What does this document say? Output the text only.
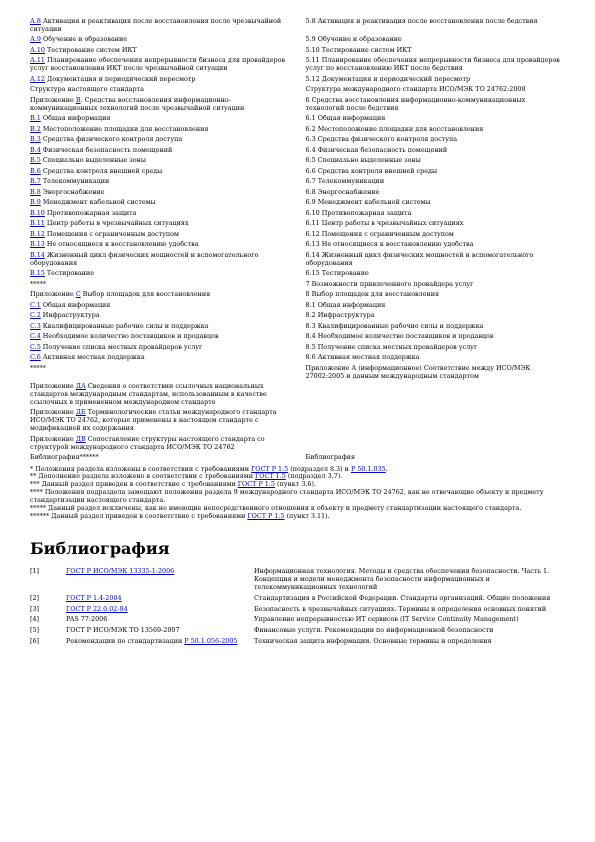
А.8 Активация и реактивация после восстановления после чрезвычайной ситуации	5.8 Активация и реактивация после восстановления после бедствия
А.9 Обучение и образование	5.9 Обучение и образование
А.10 Тестирование систем ИКТ	5.10 Тестирование систем ИКТ
А.11 Планирование обеспечения непрерывности бизнеса для провайдеров услуг восстановления ИКТ после чрезвычайной ситуации	5.11 Планирование обеспечения непрерывности бизнеса для провайдеров услуг по восстановлению ИКТ после бедствия
А.12 Документация и периодический пересмотр	5.12 Документация и периодический пересмотр
Структура настоящего стандарта	Структура международного стандарта ИСО/МЭК ТО 24762:2008
Приложение B. Средства восстановления информационно-коммуникационных технологий после чрезвычайной ситуации	6 Средства восстановления информационно-коммуникационных технологий после бедствия
B.1 Общая информация	6.1 Общая информация
B.2 Местоположение площадки для восстановления	6.2 Местоположение площадки для восстановления
B.3 Средства физического контроля доступа	6.3 Средства физического контроля доступа
B.4 Физическая безопасность помещений	6.4 Физическая безопасность помещений
B.5 Специально выделенные зоны	6.5 Специально выделенные зоны
B.6 Средства контроля внешней среды	6.6 Средства контроля внешней среды
B.7 Телекоммуникации	6.7 Телекоммуникации
B.8 Энергоснабжение	6.8 Энергоснабжение
B.9 Менеджмент кабельной системы	6.9 Менеджмент кабельной системы
B.10 Противопожарная защита	6.10 Противопожарная защита
B.11 Центр работы в чрезвычайных ситуациях	6.11 Центр работы в чрезвычайных ситуациях
B.12 Помещения с ограниченным доступом	6.12 Помещения с ограниченным доступом
B.13 Не относящиеся к восстановлению удобства	6.13 Не относящиеся к восстановлению удобства
B.14 Жизненный цикл физических мощностей и вспомогательного оборудования	6.14 Жизненный цикл физических мощностей и вспомогательного оборудования
B.15 Тестирование	6.15 Тестирование
*****	7 Возможности привлеченного провайдера услуг
Приложение C Выбор площадок для восстановления	8 Выбор площадок для восстановления
C.1 Общая информация	8.1 Общая информация
C.2 Инфраструктура	8.2 Инфраструктура
C.3 Квалифицированные рабочие силы и поддержка	8.3 Квалифицированные рабочие силы и поддержка
C.4 Необходимое количество поставщиков и продавцов	8.4 Необходимое количество поставщиков и продавцов
C.5 Получение списка местных провайдеров услуг	8.5 Получение списка местных провайдеров услуг
C.6 Активная местная поддержка	8.6 Активная местная поддержка
*****	Приложение А (информационное) Соответствие между ИСО/МЭК 27002:2005 и данным международным стандартом
Приложение ДА Сведения о соответствии ссылочных национальных стандартов международным стандартам, использованным в качестве ссылочных в примененном международном стандарте	
Приложение ДБ Терминологические статьи международного стандарта ИСО/МЭК ТО 24762, которые применены в настоящем стандарте с модификацией их содержания	
Приложение ДВ Сопоставление структуры настоящего стандарта со структурой международного стандарта ИСО/МЭК ТО 24762	
Библиография******	Библиография
* Положения раздела изложены в соответствии с требованиями ГОСТ Р 1.5 (подраздел 8.3) и Р 50.1.035.
** Дополнение раздела изложено в соответствии с требованиями ГОСТ 1.5 (подраздел 3.7).
*** Данный раздел приведен в соответствие с требованиями ГОСТ Р 1.5 (пункт 3.6).
**** Положения подраздела замещают положения раздела 9 международного стандарта ИСО/МЭК ТО 24762, как не отвечающие объекту и предмету стандартизации настоящего стандарта.
***** Данный раздел исключены, как не имеющие непосредственного отношения к объекту и предмету стандартизации настоящего стандарта.
****** Данный раздел приведен в соответствие с требованиями ГОСТ Р 1.5 (пункт 3.11).
Библиография
[1]	ГОСТ Р ИСО/МЭК 13335-1-2006	Информационная технология. Методы и средства обеспечения безопасности. Часть 1. Концепция и модели менеджмента безопасности информационных и телекоммуникационных технологий
[2]	ГОСТ Р 1.4-2004	Стандартизация в Российской Федерации. Стандарты организаций. Общие положения
[3]	ГОСТ Р 22.0.02-94	Безопасность в чрезвычайных ситуациях. Термины и определения основных понятий
[4]	PAS 77:2006	Управление непрерывностью ИТ сервисов (IT Service Continuity Management)
[5]	ГОСТ Р ИСО/МЭК ТО 13569-2007	Финансовые услуги. Рекомендации по информационной безопасности
[6]	Рекомендации по стандартизации Р 50.1.056-2005	Техническая защита информации. Основные термины и определения
